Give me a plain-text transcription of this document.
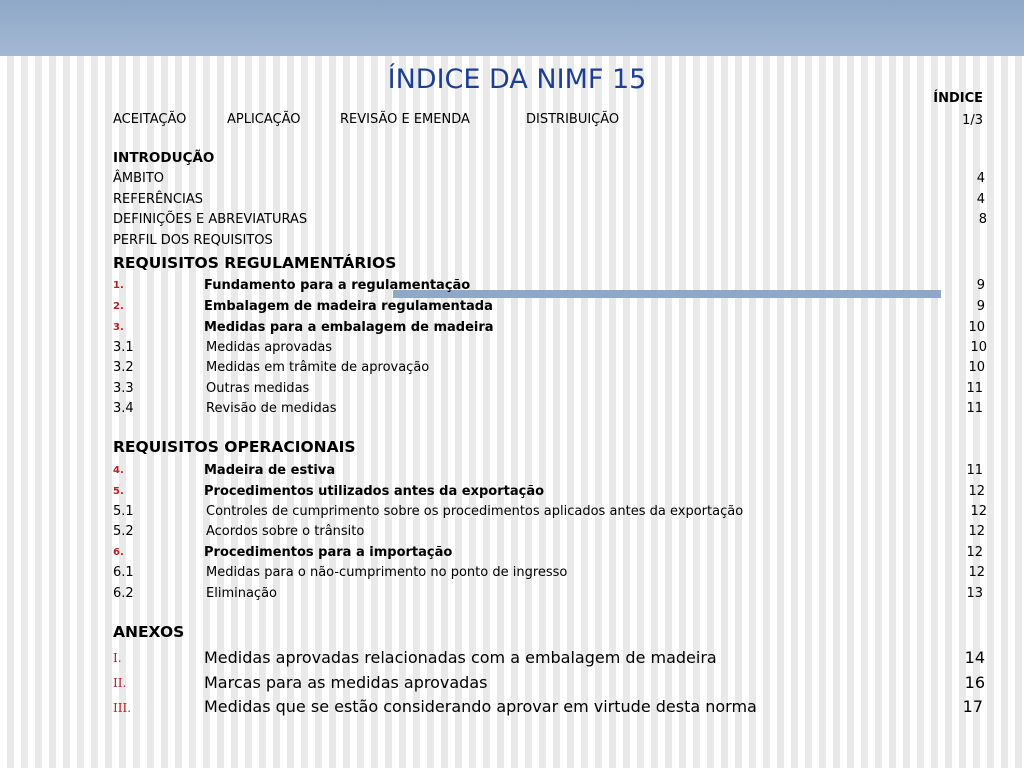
ÍNDICE DA NIMF 15
ÍNDICE
1/3
ACEITAÇÃO	APLICAÇÃO	REVISÃO E EMENDA	DISTRIBUIÇÃO
INTRODUÇÃO
ÂMBITO	4
REFERÊNCIAS	4
DEFINIÇÕES E ABREVIATURAS	8
PERFIL DOS REQUISITOS
REQUISITOS REGULAMENTÁRIOS
1.	Fundamento para a regulamentação	9
2.	Embalagem de madeira regulamentada	9
3.	Medidas para a embalagem de madeira	10
3.1	Medidas aprovadas	10
3.2	Medidas em trâmite de aprovação	10
3.3	Outras medidas	11
3.4	Revisão de medidas	11
REQUISITOS OPERACIONAIS
4.	Madeira de estiva	11
5.	Procedimentos utilizados antes da exportação	12
5.1	Controles de cumprimento sobre os procedimentos aplicados antes da exportação	12
5.2	Acordos sobre o trânsito	12
6.	Procedimentos para a importação	12
6.1	Medidas para o não-cumprimento no ponto de ingresso	12
6.2	Eliminação	13
ANEXOS
I.	Medidas aprovadas relacionadas com a embalagem de madeira	14
II.	Marcas para as medidas aprovadas	16
III.	Medidas que se estão considerando aprovar em virtude desta norma	17
